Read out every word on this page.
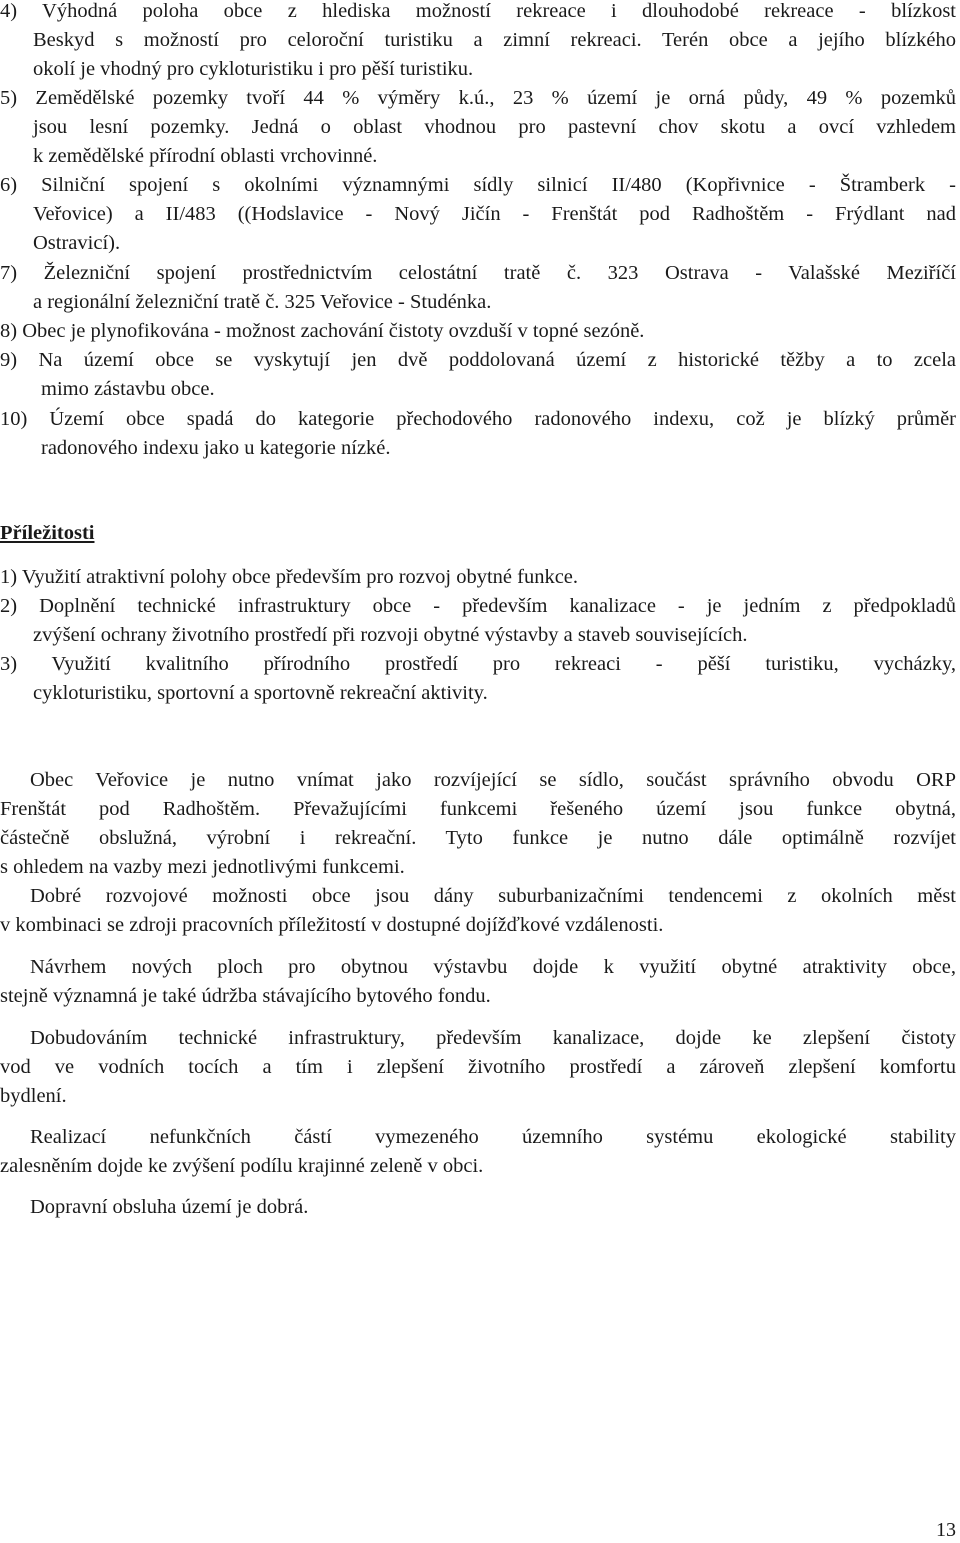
4) Výhodná poloha obce z hlediska možností rekreace i dlouhodobé rekreace - blízkost
Beskyd s možností pro celoroční turistiku a zimní rekreaci. Terén obce a jejího blízkého
okolí je vhodný pro cykloturistiku i pro pěší turistiku.
5) Zemědělské pozemky tvoří 44 % výměry k.ú., 23 % území je orná půdy, 49 % pozemků
jsou lesní pozemky. Jedná o oblast vhodnou pro pastevní chov skotu a ovcí vzhledem
k zemědělské přírodní oblasti vrchovinné.
6) Silniční spojení s okolními významnými sídly silnicí II/480 (Kopřivnice - Štramberk -
Veřovice) a II/483 ((Hodslavice - Nový Jičín - Frenštát pod Radhoštěm - Frýdlant nad
Ostravicí).
7) Železniční spojení prostřednictvím celostátní tratě č. 323 Ostrava - Valašské Meziříčí
a regionální železniční tratě č. 325 Veřovice - Studénka.
8) Obec je plynofikována - možnost zachování čistoty ovzduší v topné sezóně.
9) Na území obce se vyskytují jen dvě poddolovaná území z historické těžby a to zcela
mimo zástavbu obce.
10) Území obce spadá do kategorie přechodového radonového indexu, což je blízký průměr
radonového indexu jako u kategorie nízké.
Příležitosti
1) Využití atraktivní polohy obce především pro rozvoj obytné funkce.
2) Doplnění technické infrastruktury obce - především kanalizace - je jedním z předpokladů
zvýšení ochrany životního prostředí při rozvoji obytné výstavby a staveb souvisejících.
3) Využití kvalitního přírodního prostředí pro rekreaci - pěší turistiku, vycházky,
cykloturistiku, sportovní a sportovně rekreační aktivity.
Obec Veřovice je nutno vnímat jako rozvíjející se sídlo, součást správního obvodu ORP
Frenštát pod Radhoštěm. Převažujícími funkcemi řešeného území jsou funkce obytná,
částečně obslužná, výrobní i rekreační. Tyto funkce je nutno dále optimálně rozvíjet
s ohledem na vazby mezi jednotlivými funkcemi.
Dobré rozvojové možnosti obce jsou dány suburbanizačními tendencemi z okolních měst
v kombinaci se zdroji pracovních příležitostí v dostupné dojížďkové vzdálenosti.
Návrhem nových ploch pro obytnou výstavbu dojde k využití obytné atraktivity obce,
stejně významná je také údržba stávajícího bytového fondu.
Dobudováním technické infrastruktury, především kanalizace, dojde ke zlepšení čistoty
vod ve vodních tocích a tím i zlepšení životního prostředí a zároveň zlepšení komfortu
bydlení.
Realizací nefunkčních částí vymezeného územního systému ekologické stability
zalesněním dojde ke zvýšení podílu krajinné zeleně v obci.
Dopravní obsluha území je dobrá.
13
